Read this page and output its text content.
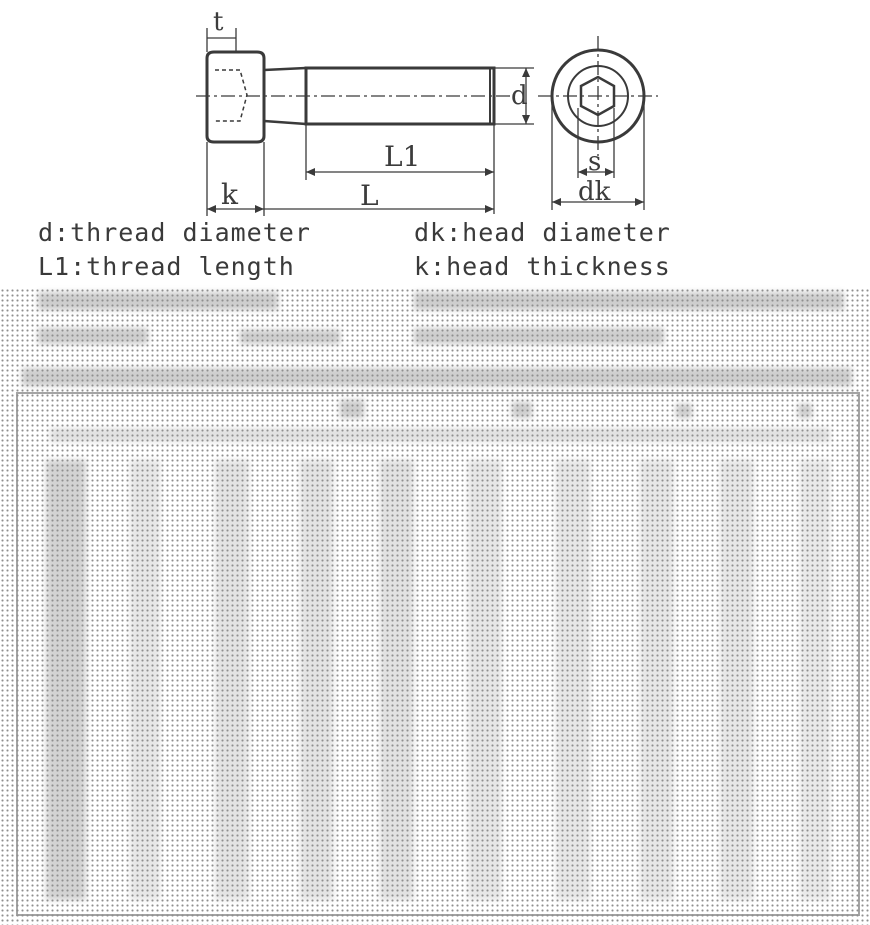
t
d
L1
k	L
s
dk
d:thread diameter	dk:head diameter
L1:thread length	k:head thickness
